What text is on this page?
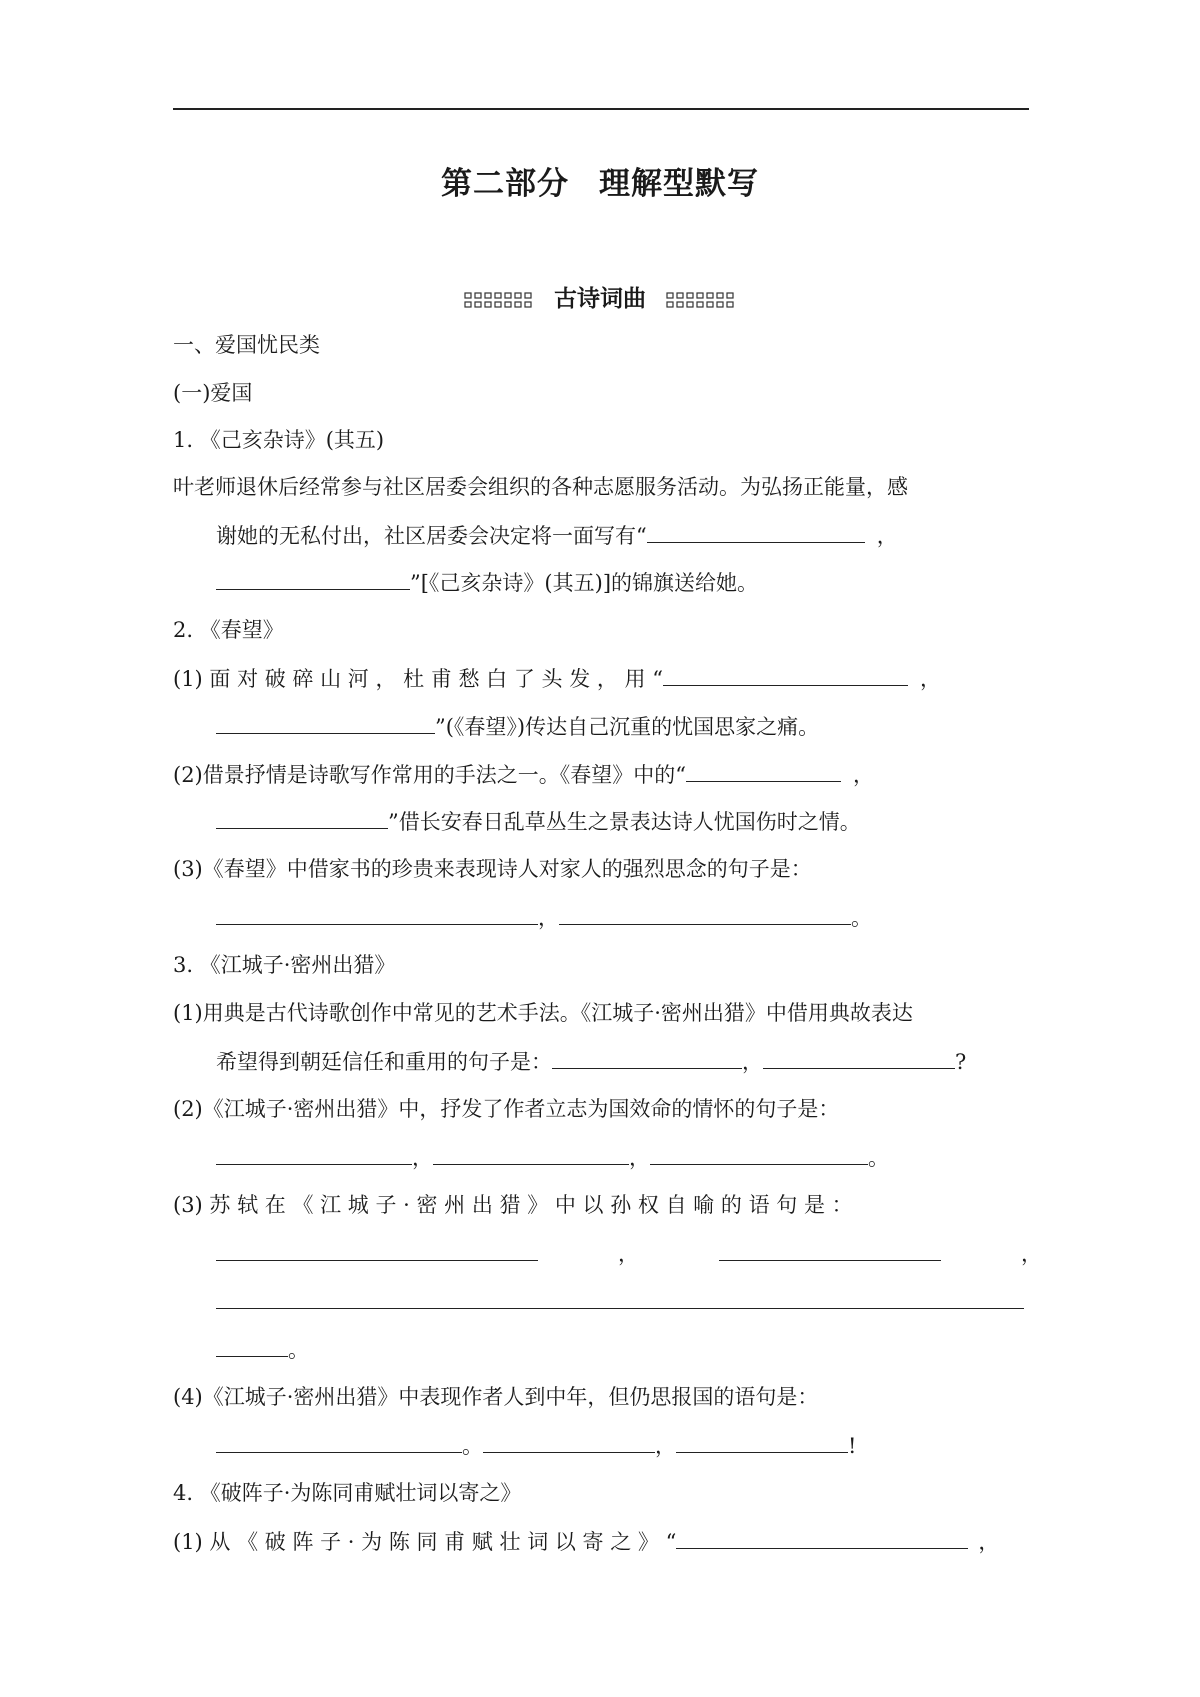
第二部分 理解型默写
古诗词曲
一、爱国忧民类
(一)爱国
1. 《己亥杂诗》(其五)
叶老师退休后经常参与社区居委会组织的各种志愿服务活动。为弘扬正能量，感
谢她的无私付出，社区居委会决定将一面写有“	，
”[《己亥杂诗》(其五)]的锦旗送给她。
2. 《春望》
(1) 面 对 破 碎 山 河 ， 杜 甫 愁 白 了 头 发 ， 用 “	，
”(《春望》)传达自己沉重的忧国思家之痛。
(2)借景抒情是诗歌写作常用的手法之一。《春望》中的“	，
”借长安春日乱草丛生之景表达诗人忧国伤时之情。
(3)《春望》中借家书的珍贵来表现诗人对家人的强烈思念的句子是：
，	。
3. 《江城子·密州出猎》
(1)用典是古代诗歌创作中常见的艺术手法。《江城子·密州出猎》中借用典故表达
希望得到朝廷信任和重用的句子是：	，	?
(2)《江城子·密州出猎》中，抒发了作者立志为国效命的情怀的句子是：
，	，	。
(3) 苏 轼 在 《 江 城 子 · 密 州 出 猎 》 中 以 孙 权 自 喻 的 语 句 是 ：
，	，
。
(4)《江城子·密州出猎》中表现作者人到中年，但仍思报国的语句是：
。	，	!
4. 《破阵子·为陈同甫赋壮词以寄之》
(1) 从 《 破 阵 子 · 为 陈 同 甫 赋 壮 词 以 寄 之 》 “	，
